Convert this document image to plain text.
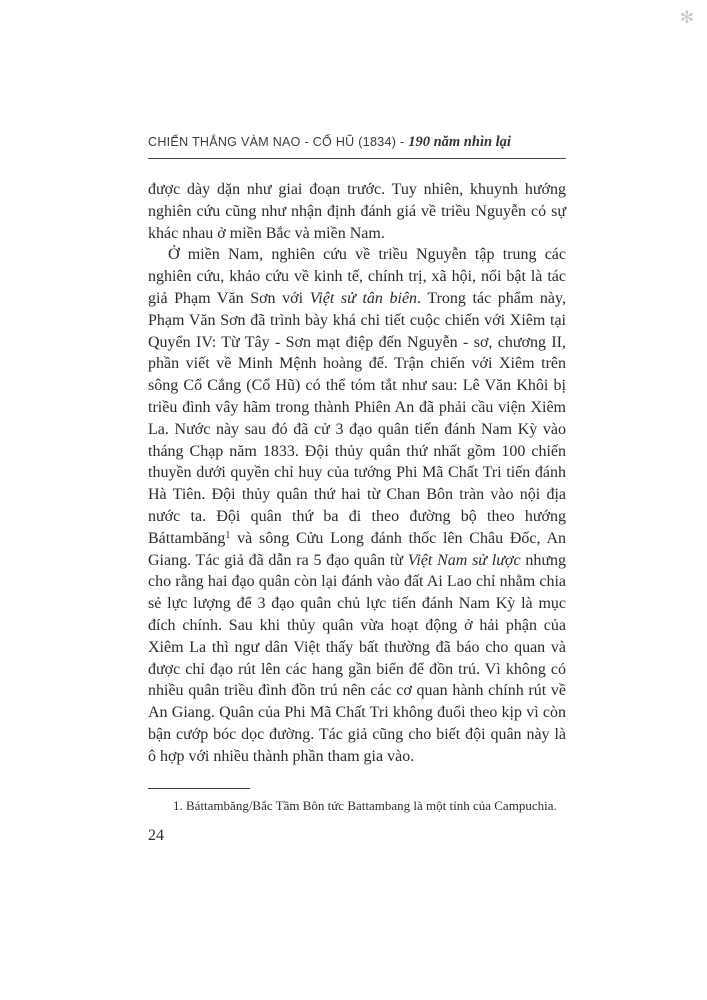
✻
CHIẾN THẮNG VÀM NAO - CỔ HŨ (1834) - 190 năm nhìn lại

được dày dặn như giai đoạn trước. Tuy nhiên, khuynh hướng nghiên cứu cũng như nhận định đánh giá về triều Nguyễn có sự khác nhau ở miền Bắc và miền Nam.

Ở miền Nam, nghiên cứu về triều Nguyễn tập trung các nghiên cứu, khảo cứu về kinh tế, chính trị, xã hội, nổi bật là tác giả Phạm Văn Sơn với Việt sử tân biên. Trong tác phẩm này, Phạm Văn Sơn đã trình bày khá chi tiết cuộc chiến với Xiêm tại Quyển IV: Từ Tây - Sơn mạt điệp đến Nguyễn - sơ, chương II, phần viết về Minh Mệnh hoàng đế. Trận chiến với Xiêm trên sông Cổ Cắng (Cổ Hũ) có thể tóm tắt như sau: Lê Văn Khôi bị triều đình vây hãm trong thành Phiên An đã phải cầu viện Xiêm La. Nước này sau đó đã cử 3 đạo quân tiến đánh Nam Kỳ vào tháng Chạp năm 1833. Đội thủy quân thứ nhất gồm 100 chiến thuyền dưới quyền chỉ huy của tướng Phi Mã Chất Tri tiến đánh Hà Tiên. Đội thủy quân thứ hai từ Chan Bôn tràn vào nội địa nước ta. Đội quân thứ ba đi theo đường bộ theo hướng Báttambăng$^1$ và sông Cửu Long đánh thốc lên Châu Đốc, An Giang. Tác giả đã dẫn ra 5 đạo quân từ Việt Nam sử lược nhưng cho rằng hai đạo quân còn lại đánh vào đất Ai Lao chỉ nhằm chia sẻ lực lượng để 3 đạo quân chủ lực tiến đánh Nam Kỳ là mục đích chính. Sau khi thủy quân vừa hoạt động ở hải phận của Xiêm La thì ngư dân Việt thấy bất thường đã báo cho quan và được chỉ đạo rút lên các hang gần biển để đồn trú. Vì không có nhiều quân triều đình đồn trú nên các cơ quan hành chính rút về An Giang. Quân của Phi Mã Chất Tri không đuổi theo kịp vì còn bận cướp bóc dọc đường. Tác giả cũng cho biết đội quân này là ô hợp với nhiều thành phần tham gia vào.

1. Báttambăng/Bắc Tầm Bôn tức Battambang là một tỉnh của Campuchia.
24
